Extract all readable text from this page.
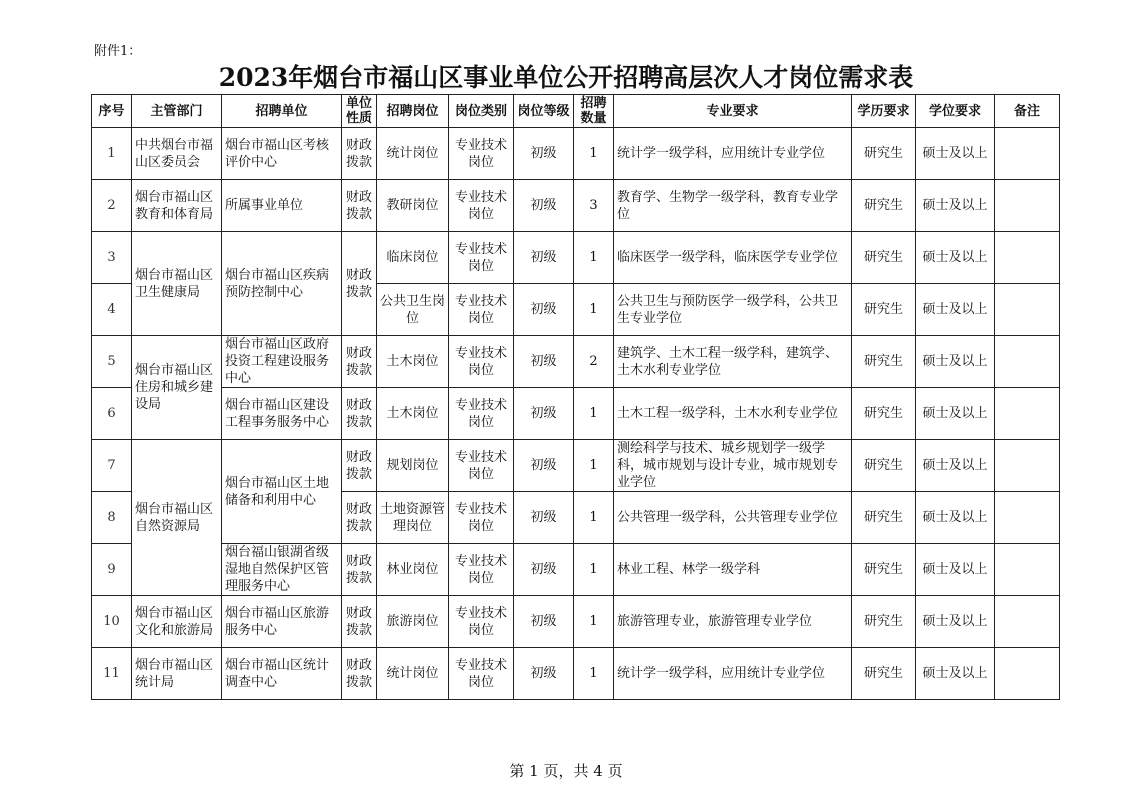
附件1：
2023年烟台市福山区事业单位公开招聘高层次人才岗位需求表
序号	主管部门	招聘单位	单位性质	招聘岗位	岗位类别	岗位等级	招聘数量	专业要求	学历要求	学位要求	备注
1	中共烟台市福山区委员会	烟台市福山区考核评价中心	财政拨款	统计岗位	专业技术岗位	初级	1	统计学一级学科，应用统计专业学位	研究生	硕士及以上	
2	烟台市福山区教育和体育局	所属事业单位	财政拨款	教研岗位	专业技术岗位	初级	3	教育学、生物学一级学科，教育专业学位	研究生	硕士及以上	
3	烟台市福山区卫生健康局	烟台市福山区疾病预防控制中心	财政拨款	临床岗位	专业技术岗位	初级	1	临床医学一级学科，临床医学专业学位	研究生	硕士及以上	
4				公共卫生岗位	专业技术岗位	初级	1	公共卫生与预防医学一级学科，公共卫生专业学位	研究生	硕士及以上	
5	烟台市福山区住房和城乡建设局	烟台市福山区政府投资工程建设服务中心	财政拨款	土木岗位	专业技术岗位	初级	2	建筑学、土木工程一级学科，建筑学、土木水利专业学位	研究生	硕士及以上	
6		烟台市福山区建设工程事务服务中心	财政拨款	土木岗位	专业技术岗位	初级	1	土木工程一级学科，土木水利专业学位	研究生	硕士及以上	
7	烟台市福山区自然资源局	烟台市福山区土地储备和利用中心	财政拨款	规划岗位	专业技术岗位	初级	1	测绘科学与技术、城乡规划学一级学科，城市规划与设计专业，城市规划专业学位	研究生	硕士及以上	
8			财政拨款	土地资源管理岗位	专业技术岗位	初级	1	公共管理一级学科，公共管理专业学位	研究生	硕士及以上	
9		烟台福山银湖省级湿地自然保护区管理服务中心	财政拨款	林业岗位	专业技术岗位	初级	1	林业工程、林学一级学科	研究生	硕士及以上	
10	烟台市福山区文化和旅游局	烟台市福山区旅游服务中心	财政拨款	旅游岗位	专业技术岗位	初级	1	旅游管理专业，旅游管理专业学位	研究生	硕士及以上	
11	烟台市福山区统计局	烟台市福山区统计调查中心	财政拨款	统计岗位	专业技术岗位	初级	1	统计学一级学科，应用统计专业学位	研究生	硕士及以上	
第 1 页，共 4 页
